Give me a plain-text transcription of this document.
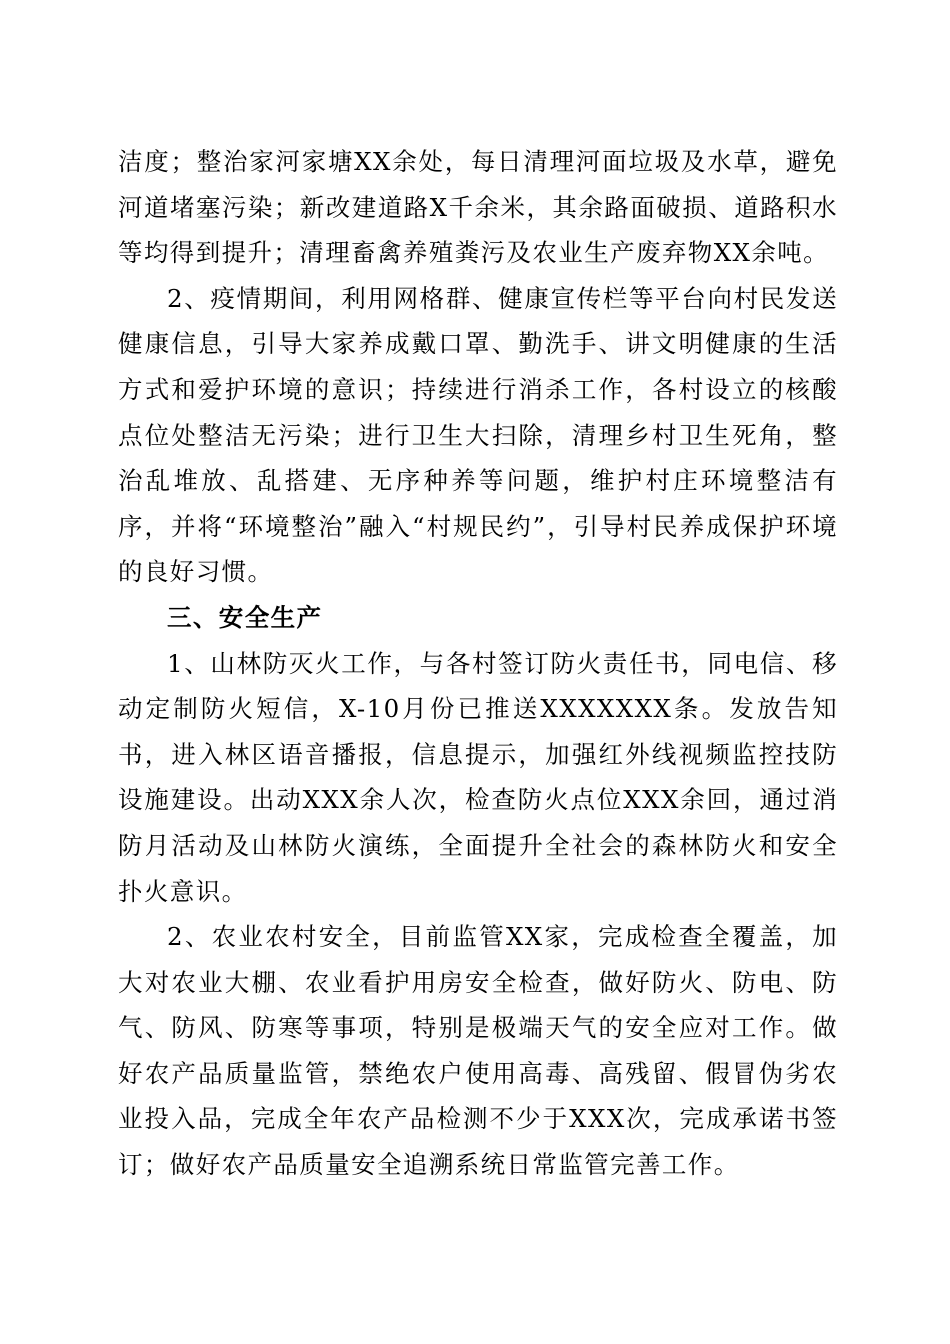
洁度；整治家河家塘XX余处，每日清理河面垃圾及水草，避免河道堵塞污染；新改建道路X千余米，其余路面破损、道路积水等均得到提升；清理畜禽养殖粪污及农业生产废弃物XX余吨。

2、疫情期间，利用网格群、健康宣传栏等平台向村民发送健康信息，引导大家养成戴口罩、勤洗手、讲文明健康的生活方式和爱护环境的意识；持续进行消杀工作，各村设立的核酸点位处整洁无污染；进行卫生大扫除，清理乡村卫生死角，整治乱堆放、乱搭建、无序种养等问题，维护村庄环境整洁有序，并将“环境整治”融入“村规民约”，引导村民养成保护环境的良好习惯。

三、安全生产

1、山林防灭火工作，与各村签订防火责任书，同电信、移动定制防火短信，X-10月份已推送XXXXXXX条。发放告知书，进入林区语音播报，信息提示，加强红外线视频监控技防设施建设。出动XXX余人次，检查防火点位XXX余回，通过消防月活动及山林防火演练，全面提升全社会的森林防火和安全扑火意识。

2、农业农村安全，目前监管XX家，完成检查全覆盖，加大对农业大棚、农业看护用房安全检查，做好防火、防电、防气、防风、防寒等事项，特别是极端天气的安全应对工作。做好农产品质量监管，禁绝农户使用高毒、高残留、假冒伪劣农业投入品，完成全年农产品检测不少于XXX次，完成承诺书签订；做好农产品质量安全追溯系统日常监管完善工作。
